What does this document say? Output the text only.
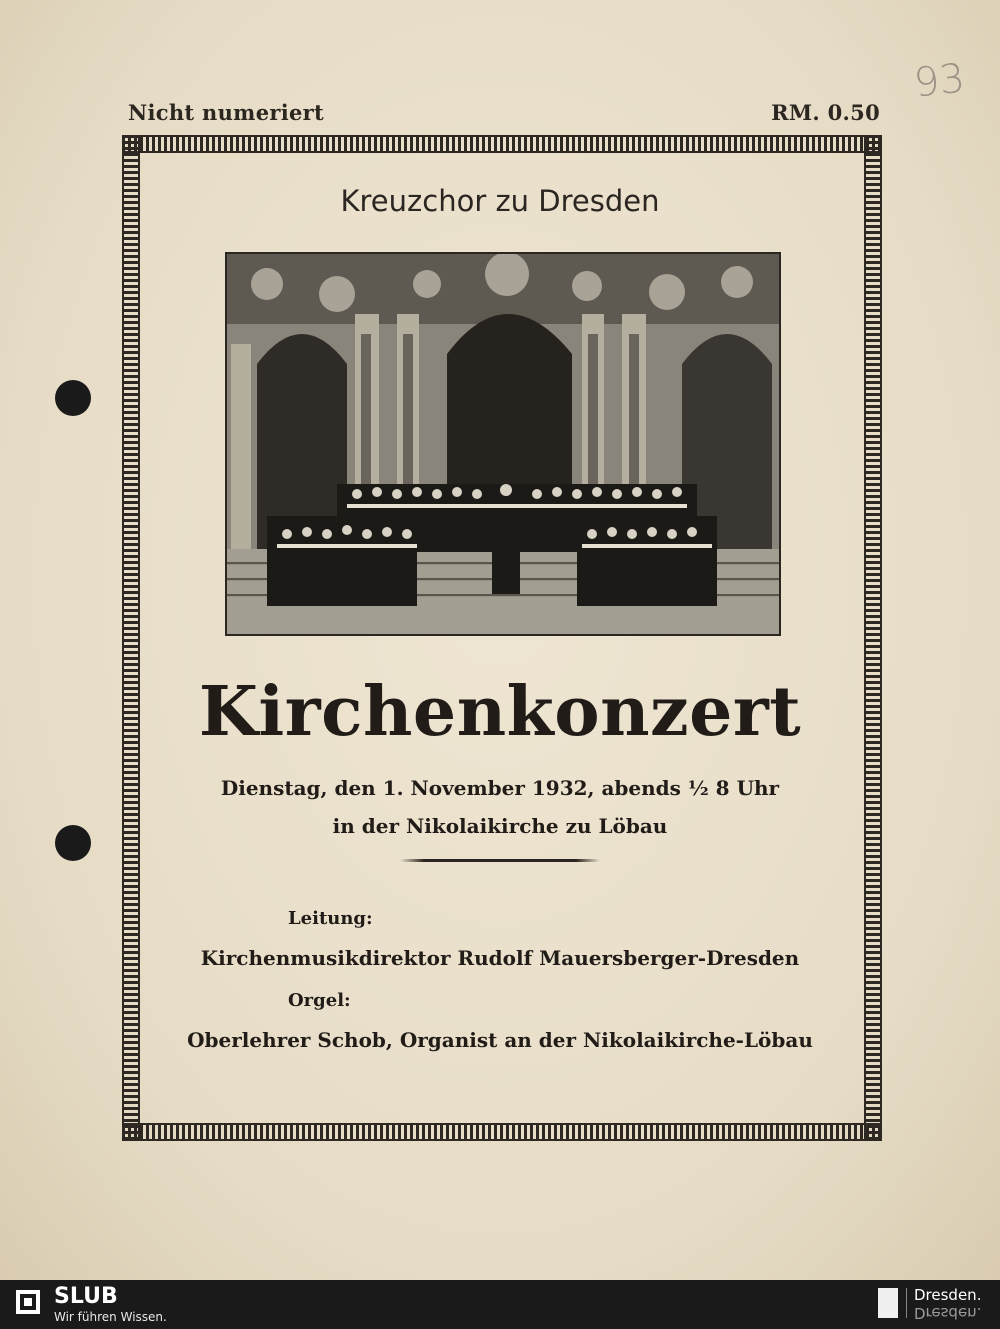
Nicht numeriert	RM. 0.50
93
Kreuzchor zu Dresden
Kirchenkonzert
Dienstag, den 1. November 1932, abends ½ 8 Uhr
in der Nikolaikirche zu Löbau
Leitung:
Kirchenmusikdirektor Rudolf Mauersberger-Dresden
Orgel:
Oberlehrer Schob, Organist an der Nikolaikirche-Löbau
SLUB
Wir führen Wissen.
Dresden.
Dresden.
